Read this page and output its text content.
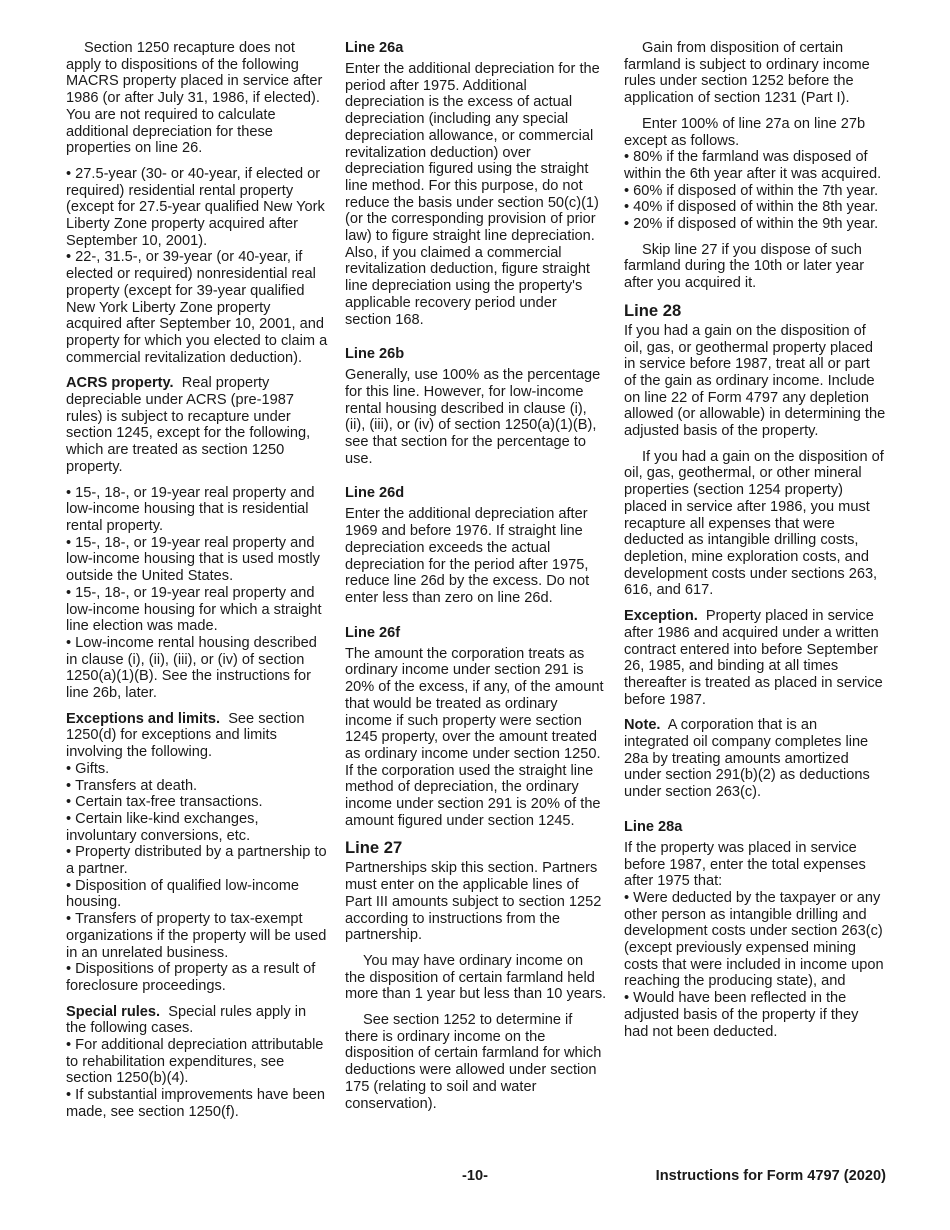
Section 1250 recapture does not apply to dispositions of the following MACRS property placed in service after 1986 (or after July 31, 1986, if elected). You are not required to calculate additional depreciation for these properties on line 26.

• 27.5-year (30- or 40-year, if elected or required) residential rental property (except for 27.5-year qualified New York Liberty Zone property acquired after September 10, 2001).
• 22-, 31.5-, or 39-year (or 40-year, if elected or required) nonresidential real property (except for 39-year qualified New York Liberty Zone property acquired after September 10, 2001, and property for which you elected to claim a commercial revitalization deduction).

ACRS property. Real property depreciable under ACRS (pre-1987 rules) is subject to recapture under section 1245, except for the following, which are treated as section 1250 property.

• 15-, 18-, or 19-year real property and low-income housing that is residential rental property.
• 15-, 18-, or 19-year real property and low-income housing that is used mostly outside the United States.
• 15-, 18-, or 19-year real property and low-income housing for which a straight line election was made.
• Low-income rental housing described in clause (i), (ii), (iii), or (iv) of section 1250(a)(1)(B). See the instructions for line 26b, later.

Exceptions and limits. See section 1250(d) for exceptions and limits involving the following.

• Gifts.
• Transfers at death.
• Certain tax-free transactions.
• Certain like-kind exchanges, involuntary conversions, etc.
• Property distributed by a partnership to a partner.
• Disposition of qualified low-income housing.
• Transfers of property to tax-exempt organizations if the property will be used in an unrelated business.
• Dispositions of property as a result of foreclosure proceedings.

Special rules. Special rules apply in the following cases.

• For additional depreciation attributable to rehabilitation expenditures, see section 1250(b)(4).
• If substantial improvements have been made, see section 1250(f).
Line 26a

Enter the additional depreciation for the period after 1975. Additional depreciation is the excess of actual depreciation (including any special depreciation allowance, or commercial revitalization deduction) over depreciation figured using the straight line method. For this purpose, do not reduce the basis under section 50(c)(1) (or the corresponding provision of prior law) to figure straight line depreciation. Also, if you claimed a commercial revitalization deduction, figure straight line depreciation using the property's applicable recovery period under section 168.

Line 26b

Generally, use 100% as the percentage for this line. However, for low-income rental housing described in clause (i), (ii), (iii), or (iv) of section 1250(a)(1)(B), see that section for the percentage to use.

Line 26d

Enter the additional depreciation after 1969 and before 1976. If straight line depreciation exceeds the actual depreciation for the period after 1975, reduce line 26d by the excess. Do not enter less than zero on line 26d.

Line 26f

The amount the corporation treats as ordinary income under section 291 is 20% of the excess, if any, of the amount that would be treated as ordinary income if such property were section 1245 property, over the amount treated as ordinary income under section 1250. If the corporation used the straight line method of depreciation, the ordinary income under section 291 is 20% of the amount figured under section 1245.

Line 27

Partnerships skip this section. Partners must enter on the applicable lines of Part III amounts subject to section 1252 according to instructions from the partnership.

You may have ordinary income on the disposition of certain farmland held more than 1 year but less than 10 years.

See section 1252 to determine if there is ordinary income on the disposition of certain farmland for which deductions were allowed under section 175 (relating to soil and water conservation).

Gain from disposition of certain farmland is subject to ordinary income rules under section 1252 before the application of section 1231 (Part I).

Enter 100% of line 27a on line 27b except as follows.

• 80% if the farmland was disposed of within the 6th year after it was acquired.
• 60% if disposed of within the 7th year.
• 40% if disposed of within the 8th year.
• 20% if disposed of within the 9th year.

Skip line 27 if you dispose of such farmland during the 10th or later year after you acquired it.

Line 28

If you had a gain on the disposition of oil, gas, or geothermal property placed in service before 1987, treat all or part of the gain as ordinary income. Include on line 22 of Form 4797 any depletion allowed (or allowable) in determining the adjusted basis of the property.

If you had a gain on the disposition of oil, gas, geothermal, or other mineral properties (section 1254 property) placed in service after 1986, you must recapture all expenses that were deducted as intangible drilling costs, depletion, mine exploration costs, and development costs under sections 263, 616, and 617.

Exception. Property placed in service after 1986 and acquired under a written contract entered into before September 26, 1985, and binding at all times thereafter is treated as placed in service before 1987.

Note. A corporation that is an integrated oil company completes line 28a by treating amounts amortized under section 291(b)(2) as deductions under section 263(c).

Line 28a

If the property was placed in service before 1987, enter the total expenses after 1975 that:

• Were deducted by the taxpayer or any other person as intangible drilling and development costs under section 263(c) (except previously expensed mining costs that were included in income upon reaching the producing state), and
• Would have been reflected in the adjusted basis of the property if they had not been deducted.
-10-	Instructions for Form 4797 (2020)
